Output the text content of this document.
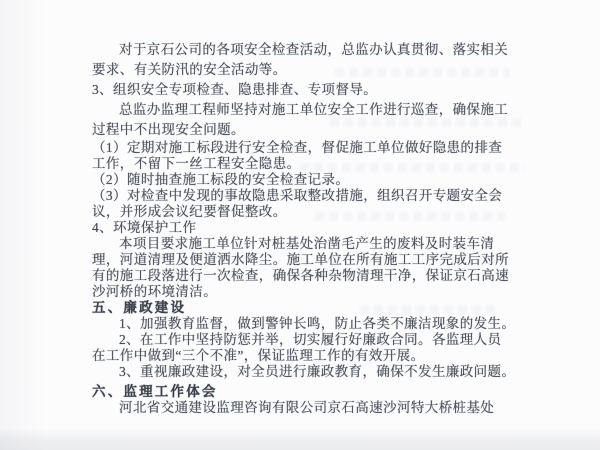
对于京石公司的各项安全检查活动，总监办认真贯彻、落实相关
要求、有关防汛的安全活动等。
3、组织安全专项检查、隐患排查、专项督导。
总监办监理工程师坚持对施工单位安全工作进行巡查，确保施工
过程中不出现安全问题。
（1）定期对施工标段进行安全检查，督促施工单位做好隐患的排查
工作，不留下一丝工程安全隐患。
（2）随时抽查施工标段的安全检查记录。
（3）对检查中发现的事故隐患采取整改措施，组织召开专题安全会
议，并形成会议纪要督促整改。
4、环境保护工作
本项目要求施工单位针对桩基处治凿毛产生的废料及时装车清
理，河道清理及便道洒水降尘。施工单位在所有施工工序完成后对所
有的施工段落进行一次检查，确保各种杂物清理干净，保证京石高速
沙河桥的环境清洁。
五、廉政建设
1、加强教育监督，做到警钟长鸣，防止各类不廉洁现象的发生。
2、在工作中坚持防惩并举，切实履行好廉政合同。各监理人员
在工作中做到“三个不准”，保证监理工作的有效开展。
3、重视廉政建设，对全员进行廉政教育，确保不发生廉政问题。
六、监理工作体会
河北省交通建设监理咨询有限公司京石高速沙河特大桥桩基处
